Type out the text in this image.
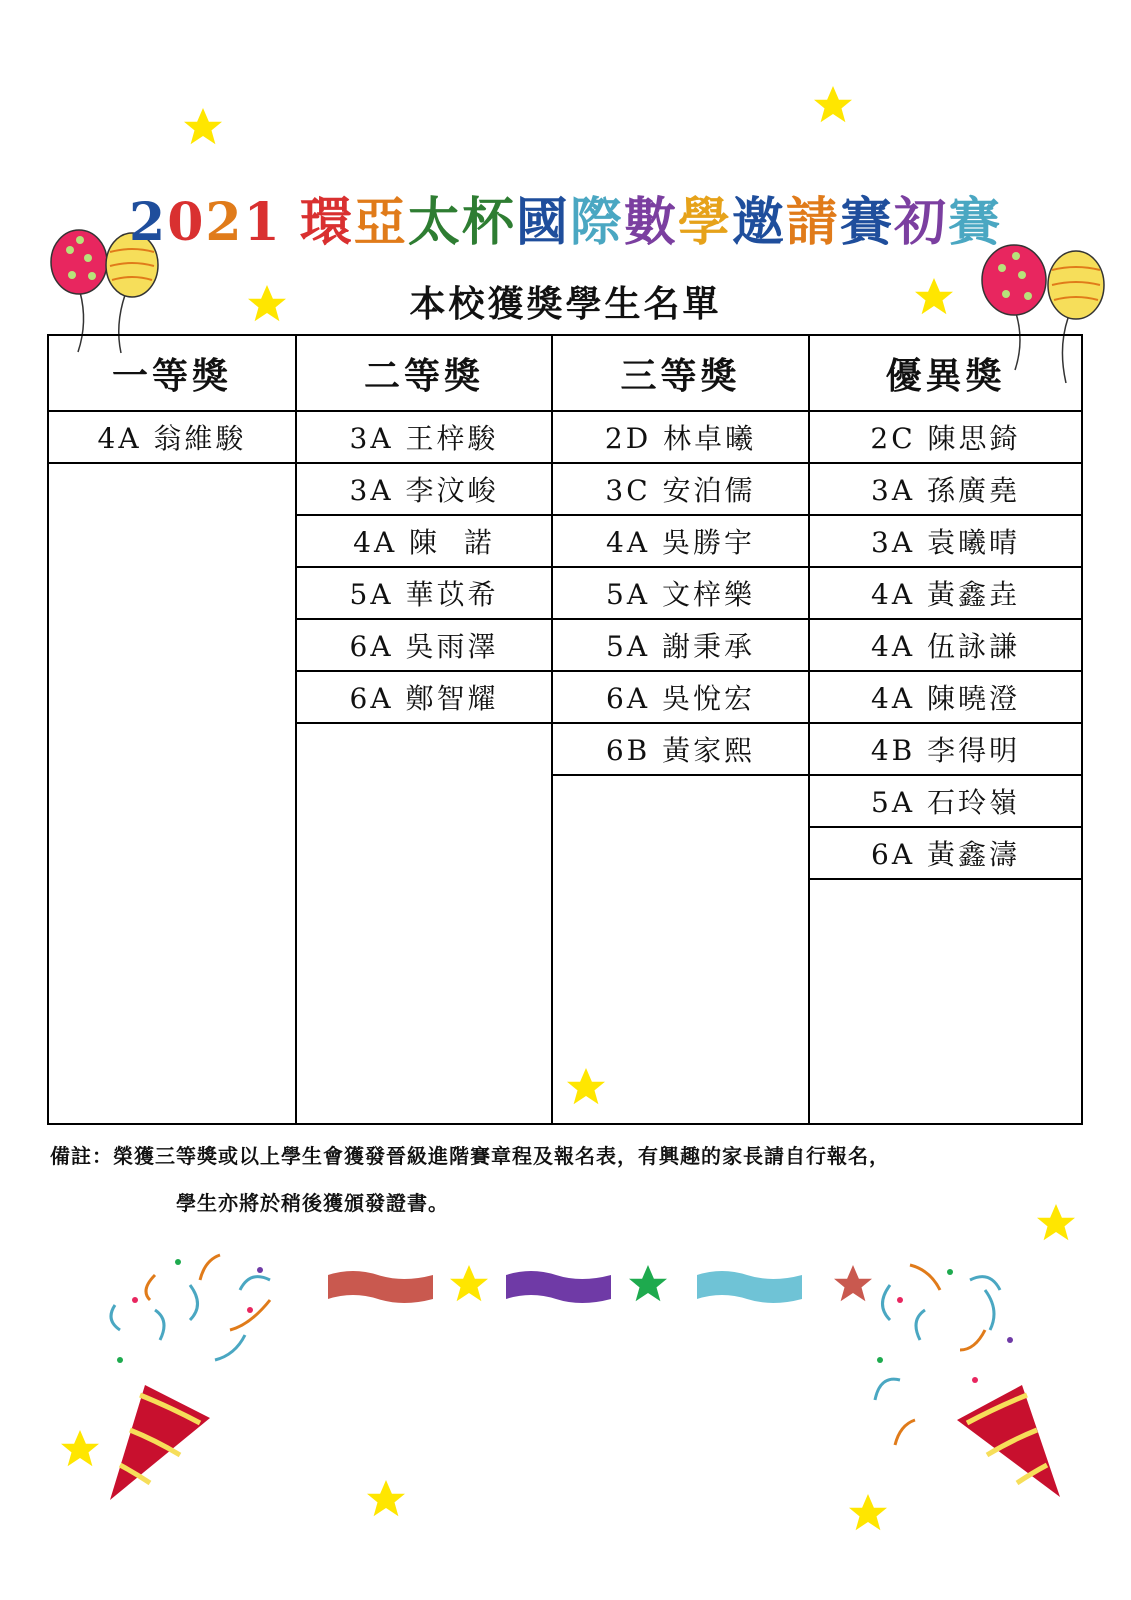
2021 環亞太杯國際數學邀請賽初賽
本校獲獎學生名單
一等獎
4A 翁維駿
二等獎
3A 王梓駿
3A 李汶峻
4A 陳  諾
5A 華苡希
6A 吳雨澤
6A 鄭智耀
三等獎
2D 林卓曦
3C 安泊儒
4A 吳勝宇
5A 文梓樂
5A 謝秉承
6A 吳悅宏
6B 黃家熙
優異獎
2C 陳思錡
3A 孫廣堯
3A 袁曦晴
4A 黃鑫垚
4A 伍詠謙
4A 陳曉澄
4B 李得明
5A 石玲嶺
6A 黃鑫濤
備註：榮獲三等獎或以上學生會獲發晉級進階賽章程及報名表，有興趣的家長請自行報名，
學生亦將於稍後獲頒發證書。
